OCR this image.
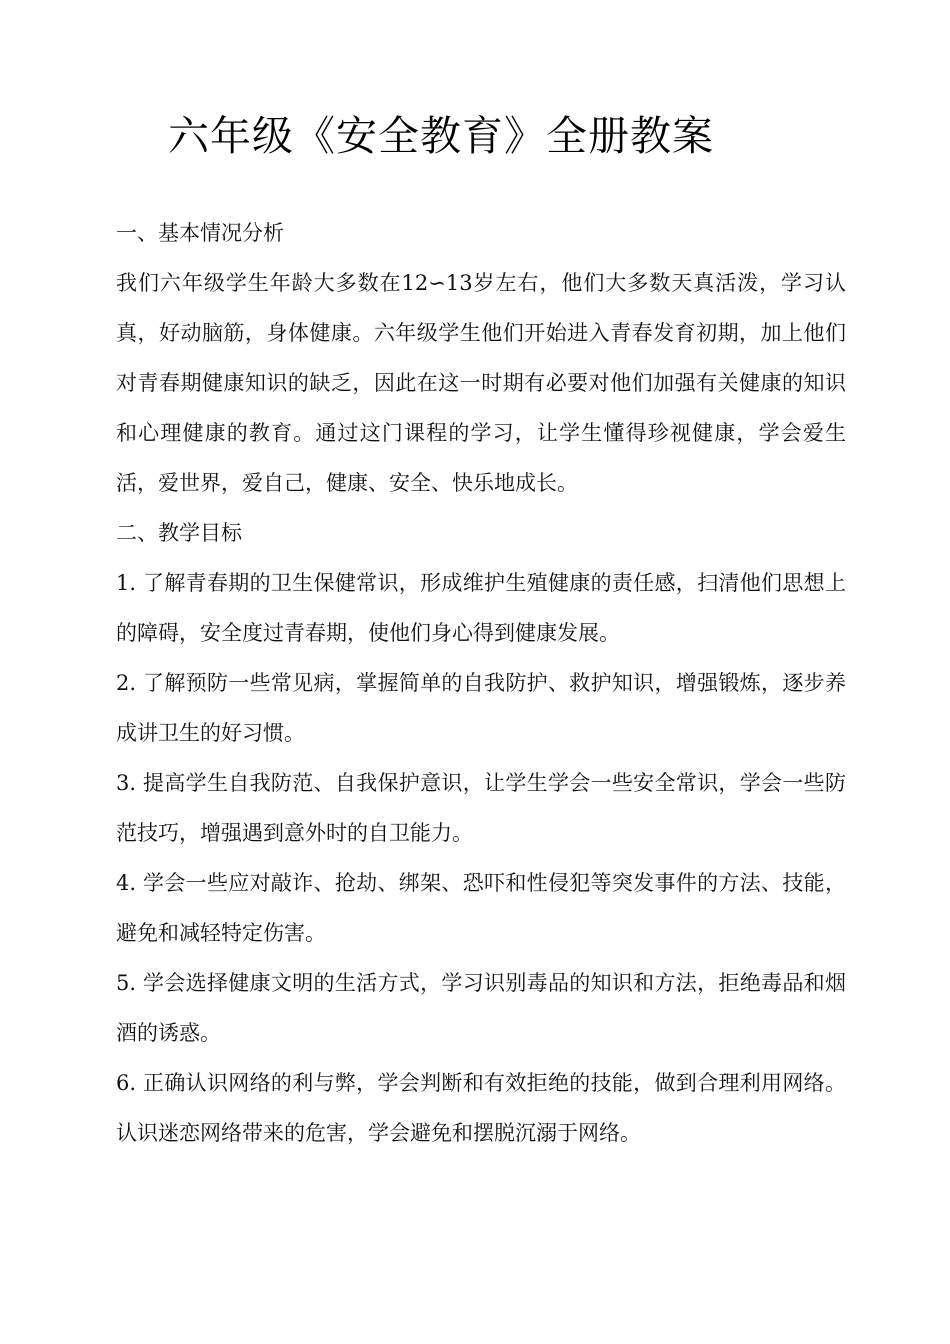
六年级《安全教育》全册教案

一、基本情况分析

我们六年级学生年龄大多数在12∽13岁左右，他们大多数天真活泼，学习认真，好动脑筋，身体健康。六年级学生他们开始进入青春发育初期，加上他们对青春期健康知识的缺乏，因此在这一时期有必要对他们加强有关健康的知识和心理健康的教育。通过这门课程的学习，让学生懂得珍视健康，学会爱生活，爱世界，爱自己，健康、安全、快乐地成长。

二、教学目标

1. 了解青春期的卫生保健常识，形成维护生殖健康的责任感，扫清他们思想上的障碍，安全度过青春期，使他们身心得到健康发展。

2. 了解预防一些常见病，掌握简单的自我防护、救护知识，增强锻炼，逐步养成讲卫生的好习惯。

3. 提高学生自我防范、自我保护意识，让学生学会一些安全常识，学会一些防范技巧，增强遇到意外时的自卫能力。

4. 学会一些应对敲诈、抢劫、绑架、恐吓和性侵犯等突发事件的方法、技能，避免和减轻特定伤害。

5. 学会选择健康文明的生活方式，学习识别毒品的知识和方法，拒绝毒品和烟酒的诱惑。

6. 正确认识网络的利与弊，学会判断和有效拒绝的技能，做到合理利用网络。认识迷恋网络带来的危害，学会避免和摆脱沉溺于网络。
